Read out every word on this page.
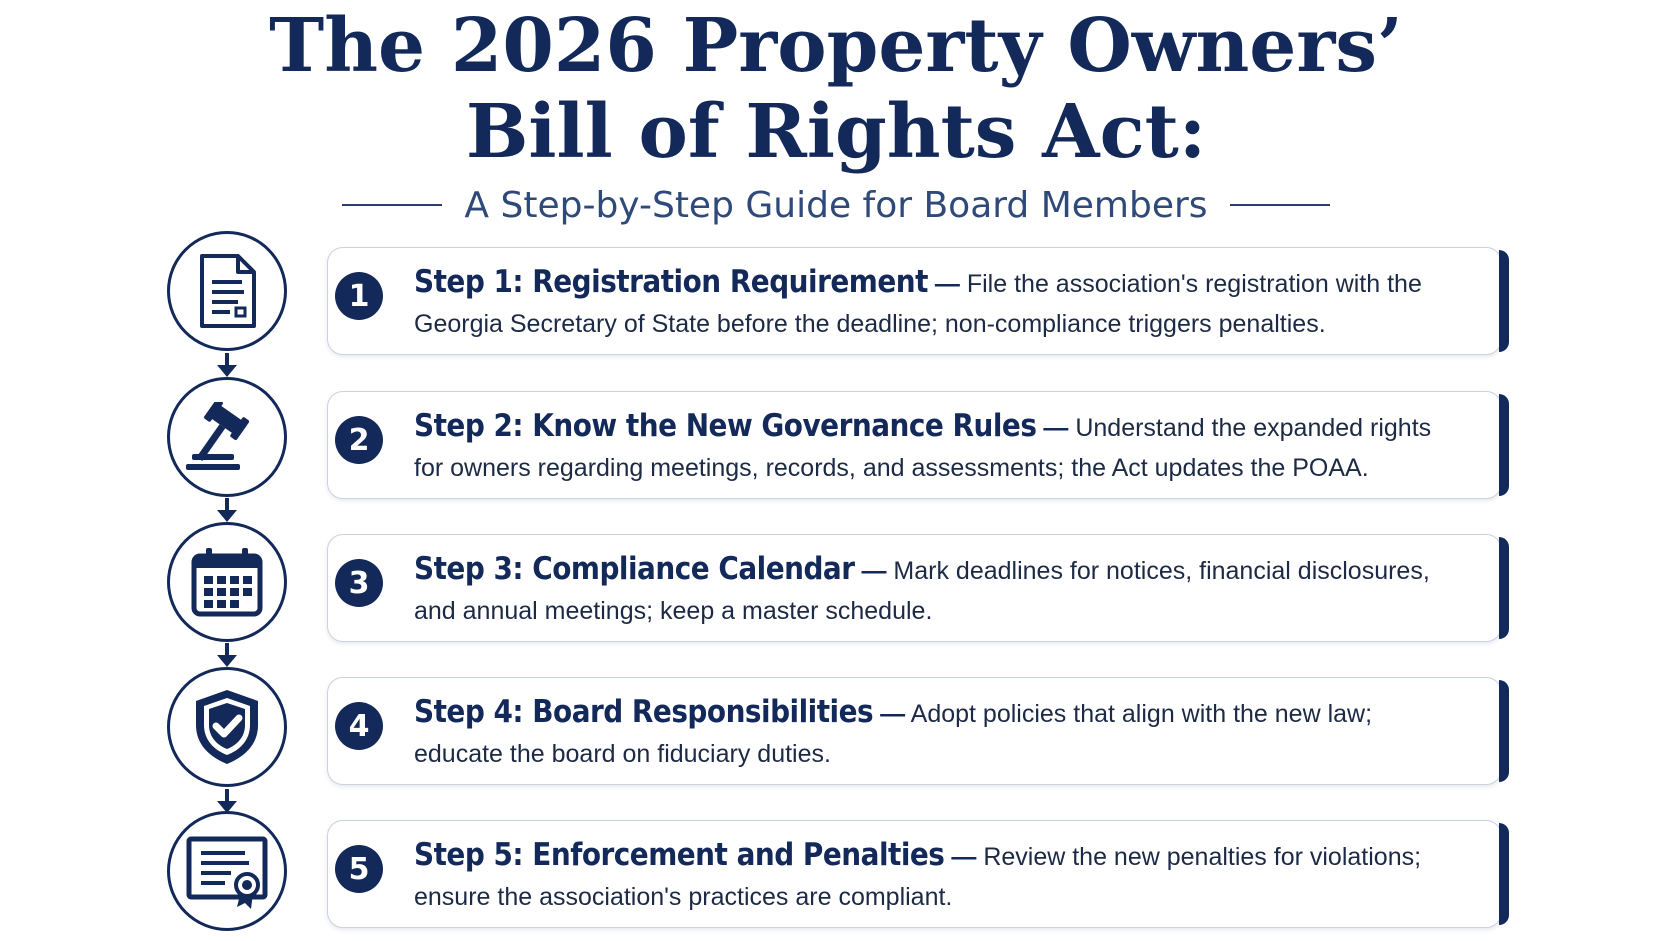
The 2026 Property Owners’
Bill of Rights Act:
A Step-by-Step Guide for Board Members
1	Step 1: Registration Requirement — File the association's registration with the Georgia Secretary of State before the deadline; non-compliance triggers penalties.
2	Step 2: Know the New Governance Rules — Understand the expanded rights for owners regarding meetings, records, and assessments; the Act updates the POAA.
3	Step 3: Compliance Calendar — Mark deadlines for notices, financial disclosures, and annual meetings; keep a master schedule.
4	Step 4: Board Responsibilities — Adopt policies that align with the new law; educate the board on fiduciary duties.
5	Step 5: Enforcement and Penalties — Review the new penalties for violations; ensure the association's practices are compliant.
